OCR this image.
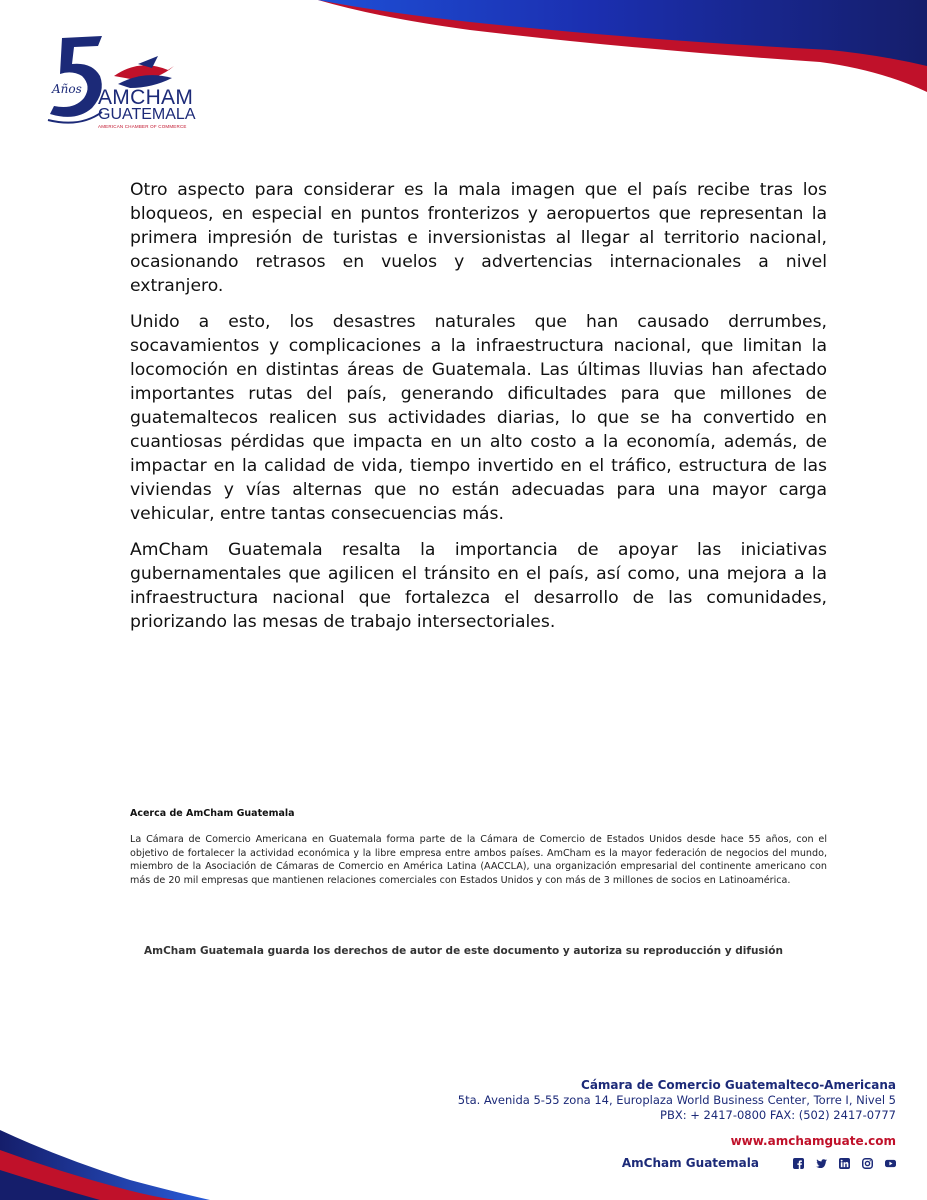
Años AMCHAM
GUATEMALA
AMERICAN CHAMBER OF COMMERCE

Otro aspecto para considerar es la mala imagen que el país recibe tras los bloqueos, en especial en puntos fronterizos y aeropuertos que representan la primera impresión de turistas e inversionistas al llegar al territorio nacional, ocasionando retrasos en vuelos y advertencias internacionales a nivel extranjero.

Unido a esto, los desastres naturales que han causado derrumbes, socavamientos y complicaciones a la infraestructura nacional, que limitan la locomoción en distintas áreas de Guatemala. Las últimas lluvias han afectado importantes rutas del país, generando dificultades para que millones de guatemaltecos realicen sus actividades diarias, lo que se ha convertido en cuantiosas pérdidas que impacta en un alto costo a la economía, además, de impactar en la calidad de vida, tiempo invertido en el tráfico, estructura de las viviendas y vías alternas que no están adecuadas para una mayor carga vehicular, entre tantas consecuencias más.

AmCham Guatemala resalta la importancia de apoyar las iniciativas gubernamentales que agilicen el tránsito en el país, así como, una mejora a la infraestructura nacional que fortalezca el desarrollo de las comunidades, priorizando las mesas de trabajo intersectoriales.

Acerca de AmCham Guatemala

La Cámara de Comercio Americana en Guatemala forma parte de la Cámara de Comercio de Estados Unidos desde hace 55 años, con el objetivo de fortalecer la actividad económica y la libre empresa entre ambos países. AmCham es la mayor federación de negocios del mundo, miembro de la Asociación de Cámaras de Comercio en América Latina (AACCLA), una organización empresarial del continente americano con más de 20 mil empresas que mantienen relaciones comerciales con Estados Unidos y con más de 3 millones de socios en Latinoamérica.

AmCham Guatemala guarda los derechos de autor de este documento y autoriza su reproducción y difusión
Cámara de Comercio Guatemalteco-Americana
5ta. Avenida 5-55 zona 14, Europlaza World Business Center, Torre I, Nivel 5
PBX: + 2417-0800 FAX: (502) 2417-0777
www.amchamguate.com
AmCham Guatemala
